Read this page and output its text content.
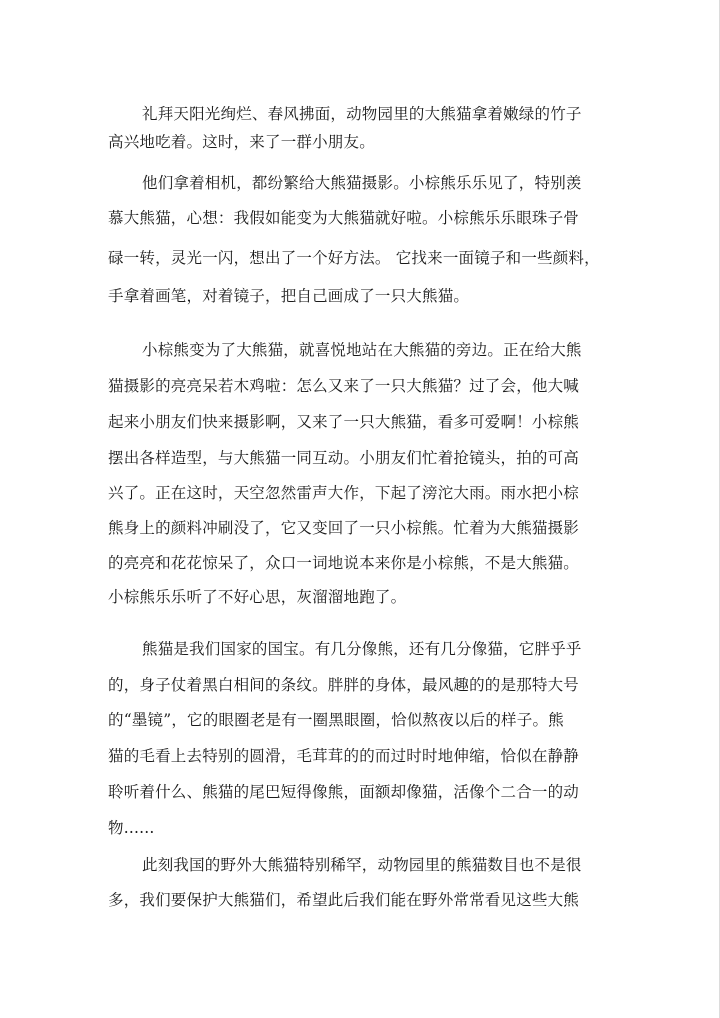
礼拜天阳光绚烂、春风拂面，动物园里的大熊猫拿着嫩绿的竹子
高兴地吃着。这时，来了一群小朋友。
他们拿着相机，都纷繁给大熊猫摄影。小棕熊乐乐见了，特别羡
慕大熊猫，心想：我假如能变为大熊猫就好啦。小棕熊乐乐眼珠子骨
碌一转，灵光一闪，想出了一个好方法。 它找来一面镜子和一些颜料，
手拿着画笔，对着镜子，把自己画成了一只大熊猫。
小棕熊变为了大熊猫，就喜悦地站在大熊猫的旁边。正在给大熊
猫摄影的亮亮呆若木鸡啦：怎么又来了一只大熊猫？过了会，他大喊
起来小朋友们快来摄影啊，又来了一只大熊猫，看多可爱啊！小棕熊
摆出各样造型，与大熊猫一同互动。小朋友们忙着抢镜头，拍的可高
兴了。正在这时，天空忽然雷声大作，下起了滂沱大雨。雨水把小棕
熊身上的颜料冲刷没了，它又变回了一只小棕熊。忙着为大熊猫摄影
的亮亮和花花惊呆了，众口一词地说本来你是小棕熊，不是大熊猫。
小棕熊乐乐听了不好心思，灰溜溜地跑了。
熊猫是我们国家的国宝。有几分像熊，还有几分像猫，它胖乎乎
的，身子仗着黑白相间的条纹。胖胖的身体，最风趣的的是那特大号
的“墨镜”，它的眼圈老是有一圈黑眼圈，恰似熬夜以后的样子。熊
猫的毛看上去特别的圆滑，毛茸茸的的而过时时地伸缩，恰似在静静
聆听着什么、熊猫的尾巴短得像熊，面额却像猫，活像个二合一的动
物......
此刻我国的野外大熊猫特别稀罕，动物园里的熊猫数目也不是很
多，我们要保护大熊猫们，希望此后我们能在野外常常看见这些大熊
